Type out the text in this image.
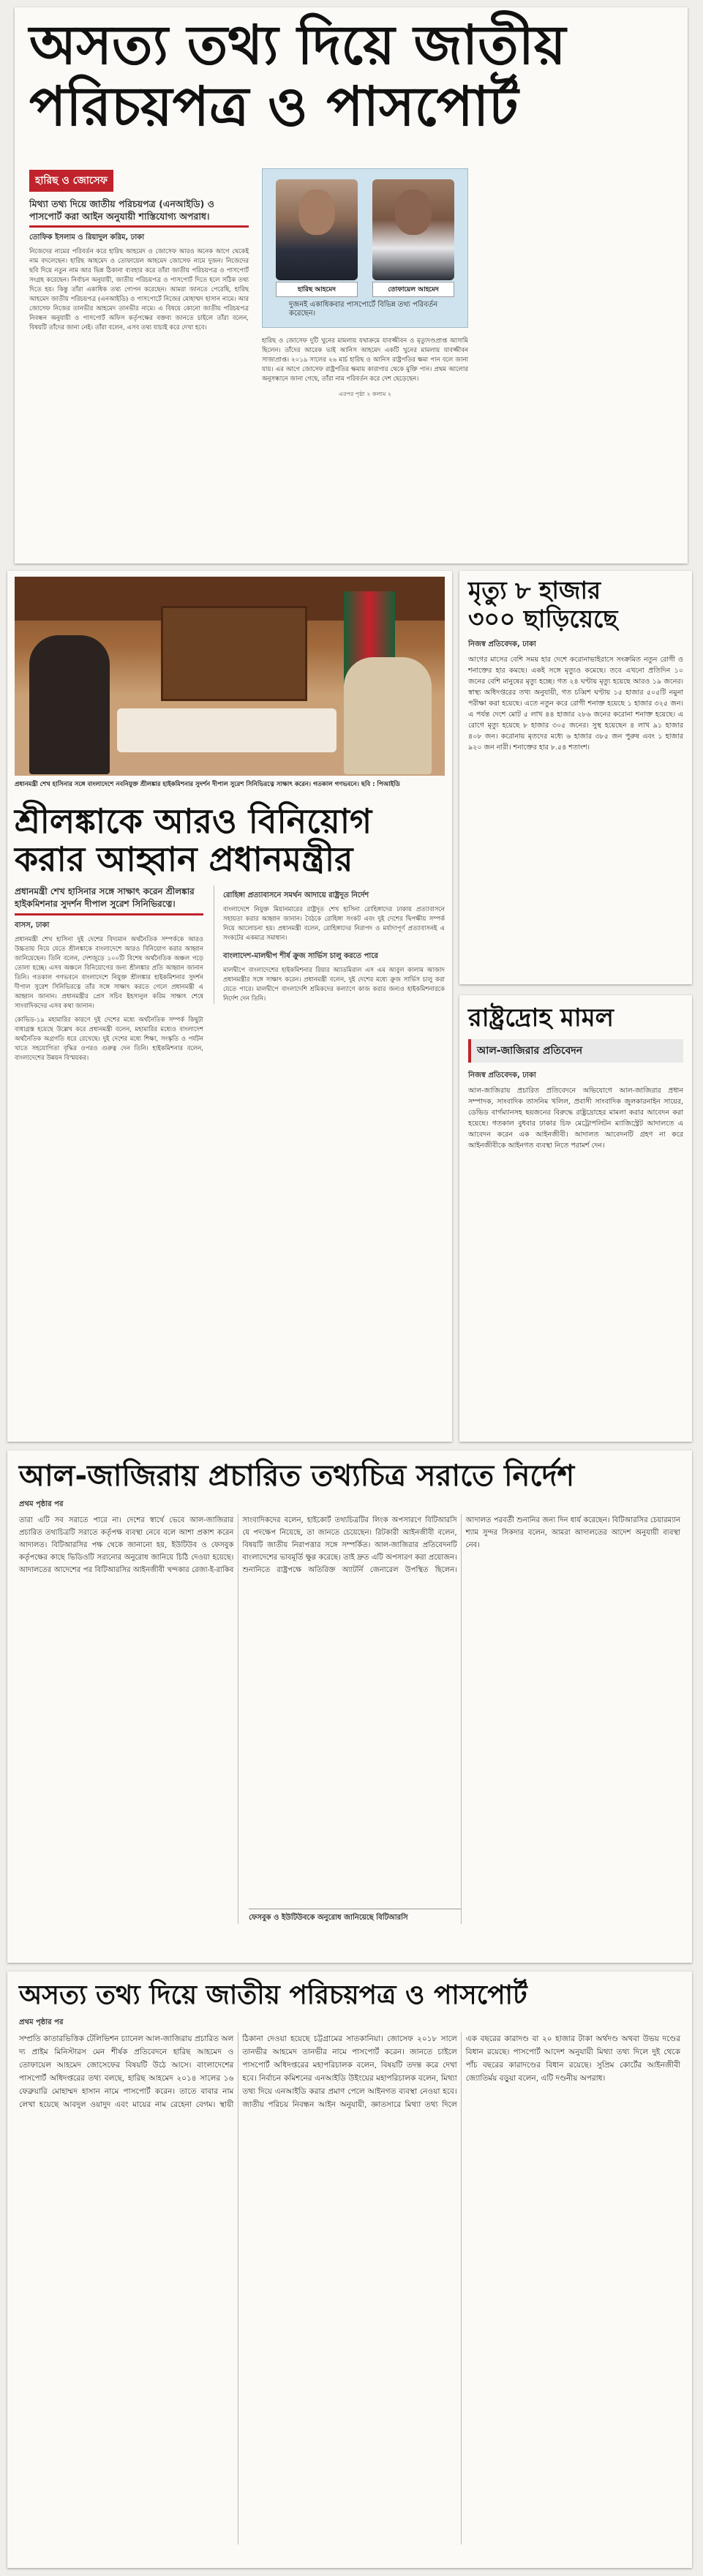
অসত্য তথ্য দিয়ে জাতীয়
পরিচয়পত্র ও পাসপোর্ট
হারিছ ও জোসেফ
মিথ্যা তথ্য দিয়ে জাতীয় পরিচয়পত্র (এনআইডি) ও পাসপোর্ট করা আইন অনুযায়ী শাস্তিযোগ্য অপরাধ।
তোফিক ইসলাম ও রিয়াদুল করিম, ঢাকা
নিজেদের নামের পরিবর্তন করে হারিছ আহমেদ ও জোসেফ আরও অনেক আগে থেকেই নাম বদলেছেন। হারিছ আহমেদ ও তোফায়েল আহমেদ জোসেফ নামে দুজন। নিজেদের ছবি দিয়ে নতুন নাম আর ভিন্ন ঠিকানা ব্যবহার করে তাঁরা জাতীয় পরিচয়পত্র ও পাসপোর্ট সংগ্রহ করেছেন। নির্বাচন অনুযায়ী, জাতীয় পরিচয়পত্র ও পাসপোর্ট দিতে হলে সঠিক তথ্য দিতে হয়। কিন্তু তাঁরা একাধিক তথ্য গোপন করেছেন। আমরা জানতে পেরেছি, হারিছ আহমেদ জাতীয় পরিচয়পত্র (এনআইডি) ও পাসপোর্টে নিজের মোহাম্মদ হাসান নামে। আর জোসেফ নিজের তানভীর আহমেদ তানভীর নামে। এ বিষয়ে কোনো জাতীয় পরিচয়পত্র নিবন্ধন অনুযায়ী ও পাসপোর্ট অফিস কর্তৃপক্ষের বক্তব্য জানতে চাইলে তাঁরা বলেন, বিষয়টি তাঁদের জানা নেই। তাঁরা বলেন, এসব তথ্য যাচাই করে দেখা হবে।
হারিছ আহমেদ	তোফায়েল আহমেদ
দুজনই একাধিকবার পাসপোর্টে বিভিন্ন তথ্য পরিবর্তন করেছেন।
হারিছ ও জোসেফ দুটি খুনের মামলায় যথাক্রমে যাবজ্জীবন ও মৃত্যুদণ্ডপ্রাপ্ত আসামি ছিলেন। তাঁদের আরেক ভাই আনিস আহমেদ একটি খুনের মামলায় যাবজ্জীবন সাজাপ্রাপ্ত। ২০১৯ সালের ২৬ মার্চ হারিছ ও আনিস রাষ্ট্রপতির ক্ষমা পান বলে জানা যায়। এর আগে জোসেফ রাষ্ট্রপতির ক্ষমায় কারাগার থেকে মুক্তি পান। প্রথম আলোর অনুসন্ধানে জানা গেছে, তাঁরা নাম পরিবর্তন করে দেশ ছেড়েছেন।
এরপর পৃষ্ঠা ২ কলাম ২
প্রধানমন্ত্রী শেখ হাসিনার সঙ্গে বাংলাদেশে নবনিযুক্ত শ্রীলঙ্কার হাইকমিশনার সুদর্শন দীপাল সুরেশ সিনিভিরত্নে সাক্ষাৎ করেন। গতকাল গণভবনে। ছবি : পিআইডি
শ্রীলঙ্কাকে আরও বিনিয়োগ
করার আহ্বান প্রধানমন্ত্রীর
প্রধানমন্ত্রী শেখ হাসিনার সঙ্গে সাক্ষাৎ করেন শ্রীলঙ্কার হাইকমিশনার সুদর্শন দীপাল সুরেশ সিনিভিরত্নে।
বাসস, ঢাকা
প্রধানমন্ত্রী শেখ হাসিনা দুই দেশের বিদ্যমান অর্থনৈতিক সম্পর্ককে আরও উচ্চতায় নিয়ে যেতে শ্রীলঙ্কাকে বাংলাদেশে আরও বিনিয়োগ করার আহ্বান জানিয়েছেন। তিনি বলেন, দেশজুড়ে ১০০টি বিশেষ অর্থনৈতিক অঞ্চল গড়ে তোলা হচ্ছে। এসব অঞ্চলে বিনিয়োগের জন্য শ্রীলঙ্কার প্রতি আহ্বান জানান তিনি। গতকাল গণভবনে বাংলাদেশে নিযুক্ত শ্রীলঙ্কার হাইকমিশনার সুদর্শন দীপাল সুরেশ সিনিভিরত্নে তাঁর সঙ্গে সাক্ষাৎ করতে গেলে প্রধানমন্ত্রী এ আহ্বান জানান। প্রধানমন্ত্রীর প্রেস সচিব ইহসানুল করিম সাক্ষাৎ শেষে সাংবাদিকদের এসব কথা জানান।
কোভিড-১৯ মহামারির কারণে দুই দেশের মধ্যে অর্থনৈতিক সম্পর্ক কিছুটা বাধাগ্রস্ত হয়েছে উল্লেখ করে প্রধানমন্ত্রী বলেন, মহামারির মধ্যেও বাংলাদেশ অর্থনৈতিক অগ্রগতি ধরে রেখেছে। দুই দেশের মধ্যে শিক্ষা, সংস্কৃতি ও পর্যটন খাতে সহযোগিতা বৃদ্ধির ওপরও গুরুত্ব দেন তিনি। হাইকমিশনার বলেন, বাংলাদেশের উন্নয়ন বিস্ময়কর।
রোহিঙ্গা প্রত্যাবাসনে সমর্থন আদায়ে রাষ্ট্রদূত নির্দেশ
বাংলাদেশে নিযুক্ত মিয়ানমারের রাষ্ট্রদূত শেখ হাসিনা রোহিঙ্গাদের ঢাকায় প্রত্যাবাসনে সহায়তা করার আহ্বান জানান। বৈঠকে রোহিঙ্গা সংকট এবং দুই দেশের দ্বিপক্ষীয় সম্পর্ক নিয়ে আলোচনা হয়। প্রধানমন্ত্রী বলেন, রোহিঙ্গাদের নিরাপদ ও মর্যাদাপূর্ণ প্রত্যাবাসনই এ সংকটের একমাত্র সমাধান।
বাংলাদেশ-মালদ্বীপ শীর্ষ ক্রুজ সার্ভিস চালু করতে পারে
মালদ্বীপে বাংলাদেশের হাইকমিশনার রিয়ার অ্যাডমিরাল এস এম আবুল কালাম আজাদ প্রধানমন্ত্রীর সঙ্গে সাক্ষাৎ করেন। প্রধানমন্ত্রী বলেন, দুই দেশের মধ্যে ক্রুজ সার্ভিস চালু করা যেতে পারে। মালদ্বীপে বাংলাদেশি শ্রমিকদের কল্যাণে কাজ করার জন্যও হাইকমিশনারকে নির্দেশ দেন তিনি।
মৃত্যু ৮ হাজার
৩০০ ছাড়িয়েছে
নিজস্ব প্রতিবেদক, ঢাকা
আগের মাসের বেশি সময় হার দেশে করোনাভাইরাসে সংক্রমিত নতুন রোগী ও শনাক্তের হার কমছে। একই সঙ্গে মৃত্যুও কমেছে। তবে এখনো প্রতিদিন ১০ জনের বেশি মানুষের মৃত্যু হচ্ছে। গত ২৪ ঘণ্টায় মৃত্যু হয়েছে আরও ১৯ জনের। স্বাস্থ্য অধিদপ্তরের তথ্য অনুযায়ী, গত চব্বিশ ঘণ্টায় ১৫ হাজার ৫০৫টি নমুনা পরীক্ষা করা হয়েছে। এতে নতুন করে রোগী শনাক্ত হয়েছে ১ হাজার ৩২৫ জন। এ পর্যন্ত দেশে মোট ৫ লাখ ৪৪ হাজার ২৮৬ জনের করোনা শনাক্ত হয়েছে। এ রোগে মৃত্যু হয়েছে ৮ হাজার ৩০৫ জনের। সুস্থ হয়েছেন ৪ লাখ ৯১ হাজার ৪০৮ জন। করোনায় মৃতদের মধ্যে ৬ হাজার ৩৮৫ জন পুরুষ এবং ১ হাজার ৯২০ জন নারী। শনাক্তের হার ৮.৫৪ শতাংশ।
রাষ্ট্রদ্রোহ মামল
আল-জাজিরার প্রতিবেদন
নিজস্ব প্রতিবেদক, ঢাকা
আল-জাজিরায় প্রচারিত প্রতিবেদনে অভিযোগে আল-জাজিরার প্রধান সম্পাদক, সাংবাদিক তাসনিম খলিল, প্রবাসী সাংবাদিক জুলকারনাইন সায়ের, ডেভিড বার্গম্যানসহ ছয়জনের বিরুদ্ধে রাষ্ট্রদ্রোহের মামলা করার আবেদন করা হয়েছে। গতকাল বুধবার ঢাকার চিফ মেট্রোপলিটন ম্যাজিস্ট্রেট আদালতে এ আবেদন করেন এক আইনজীবী। আদালত আবেদনটি গ্রহণ না করে আইনজীবীকে আইনগত ব্যবস্থা নিতে পরামর্শ দেন।
আল-জাজিরায় প্রচারিত তথ্যচিত্র সরাতে নির্দেশ
প্রথম পৃষ্ঠার পর
তারা এটি সব সরাতে পারে না। দেশের স্বার্থে ভেবে আল-জাজিরার প্রচারিত তথ্যচিত্রটি সরাতে কর্তৃপক্ষ ব্যবস্থা নেবে বলে আশা প্রকাশ করেন আদালত। বিটিআরসির পক্ষ থেকে জানানো হয়, ইউটিউব ও ফেসবুক কর্তৃপক্ষের কাছে ভিডিওটি সরানোর অনুরোধ জানিয়ে চিঠি দেওয়া হয়েছে। আদালতের আদেশের পর বিটিআরসির আইনজীবী খন্দকার রেজা-ই-রাকিব সাংবাদিকদের বলেন, হাইকোর্ট তথ্যচিত্রটির লিংক অপসারণে বিটিআরসি যে পদক্ষেপ নিয়েছে, তা জানতে চেয়েছেন। রিটকারী আইনজীবী বলেন, বিষয়টি জাতীয় নিরাপত্তার সঙ্গে সম্পর্কিত। আল-জাজিরার প্রতিবেদনটি বাংলাদেশের ভাবমূর্তি ক্ষুণ্ণ করেছে। তাই দ্রুত এটি অপসারণ করা প্রয়োজন। শুনানিতে রাষ্ট্রপক্ষে অতিরিক্ত অ্যাটর্নি জেনারেল উপস্থিত ছিলেন। আদালত পরবর্তী শুনানির জন্য দিন ধার্য করেছেন। বিটিআরসির চেয়ারম্যান শ্যাম সুন্দর সিকদার বলেন, আমরা আদালতের আদেশ অনুযায়ী ব্যবস্থা নেব।
ফেসবুক ও ইউটিউবকে অনুরোধ জানিয়েছে বিটিআরসি
অসত্য তথ্য দিয়ে জাতীয় পরিচয়পত্র ও পাসপোর্ট
প্রথম পৃষ্ঠার পর
সম্প্রতি কাতারভিত্তিক টেলিভিশন চ্যানেল আল-জাজিরায় প্রচারিত অল দ্য প্রাইম মিনিস্টারস মেন শীর্ষক প্রতিবেদনে হারিছ আহমেদ ও তোফায়েল আহমেদ জোসেফের বিষয়টি উঠে আসে। বাংলাদেশের পাসপোর্ট অধিদপ্তরের তথ্য বলছে, হারিছ আহমেদ ২০১৪ সালের ১৬ ফেব্রুয়ারি মোহাম্মদ হাসান নামে পাসপোর্ট করেন। তাতে বাবার নাম লেখা হয়েছে আবদুল ওয়াদুদ এবং মায়ের নাম রেহেনা বেগম। স্থায়ী ঠিকানা দেওয়া হয়েছে চট্টগ্রামের সাতকানিয়া। জোসেফ ২০১৮ সালে তানভীর আহমেদ তানভীর নামে পাসপোর্ট করেন। জানতে চাইলে পাসপোর্ট অধিদপ্তরের মহাপরিচালক বলেন, বিষয়টি তদন্ত করে দেখা হবে। নির্বাচন কমিশনের এনআইডি উইংয়ের মহাপরিচালক বলেন, মিথ্যা তথ্য দিয়ে এনআইডি করার প্রমাণ পেলে আইনগত ব্যবস্থা নেওয়া হবে। জাতীয় পরিচয় নিবন্ধন আইন অনুযায়ী, জ্ঞাতসারে মিথ্যা তথ্য দিলে এক বছরের কারাদণ্ড বা ২০ হাজার টাকা অর্থদণ্ড অথবা উভয় দণ্ডের বিধান রয়েছে। পাসপোর্ট আদেশ অনুযায়ী মিথ্যা তথ্য দিলে দুই থেকে পাঁচ বছরের কারাদণ্ডের বিধান রয়েছে। সুপ্রিম কোর্টের আইনজীবী জ্যোতির্ময় বড়ুয়া বলেন, এটি দণ্ডনীয় অপরাধ।
